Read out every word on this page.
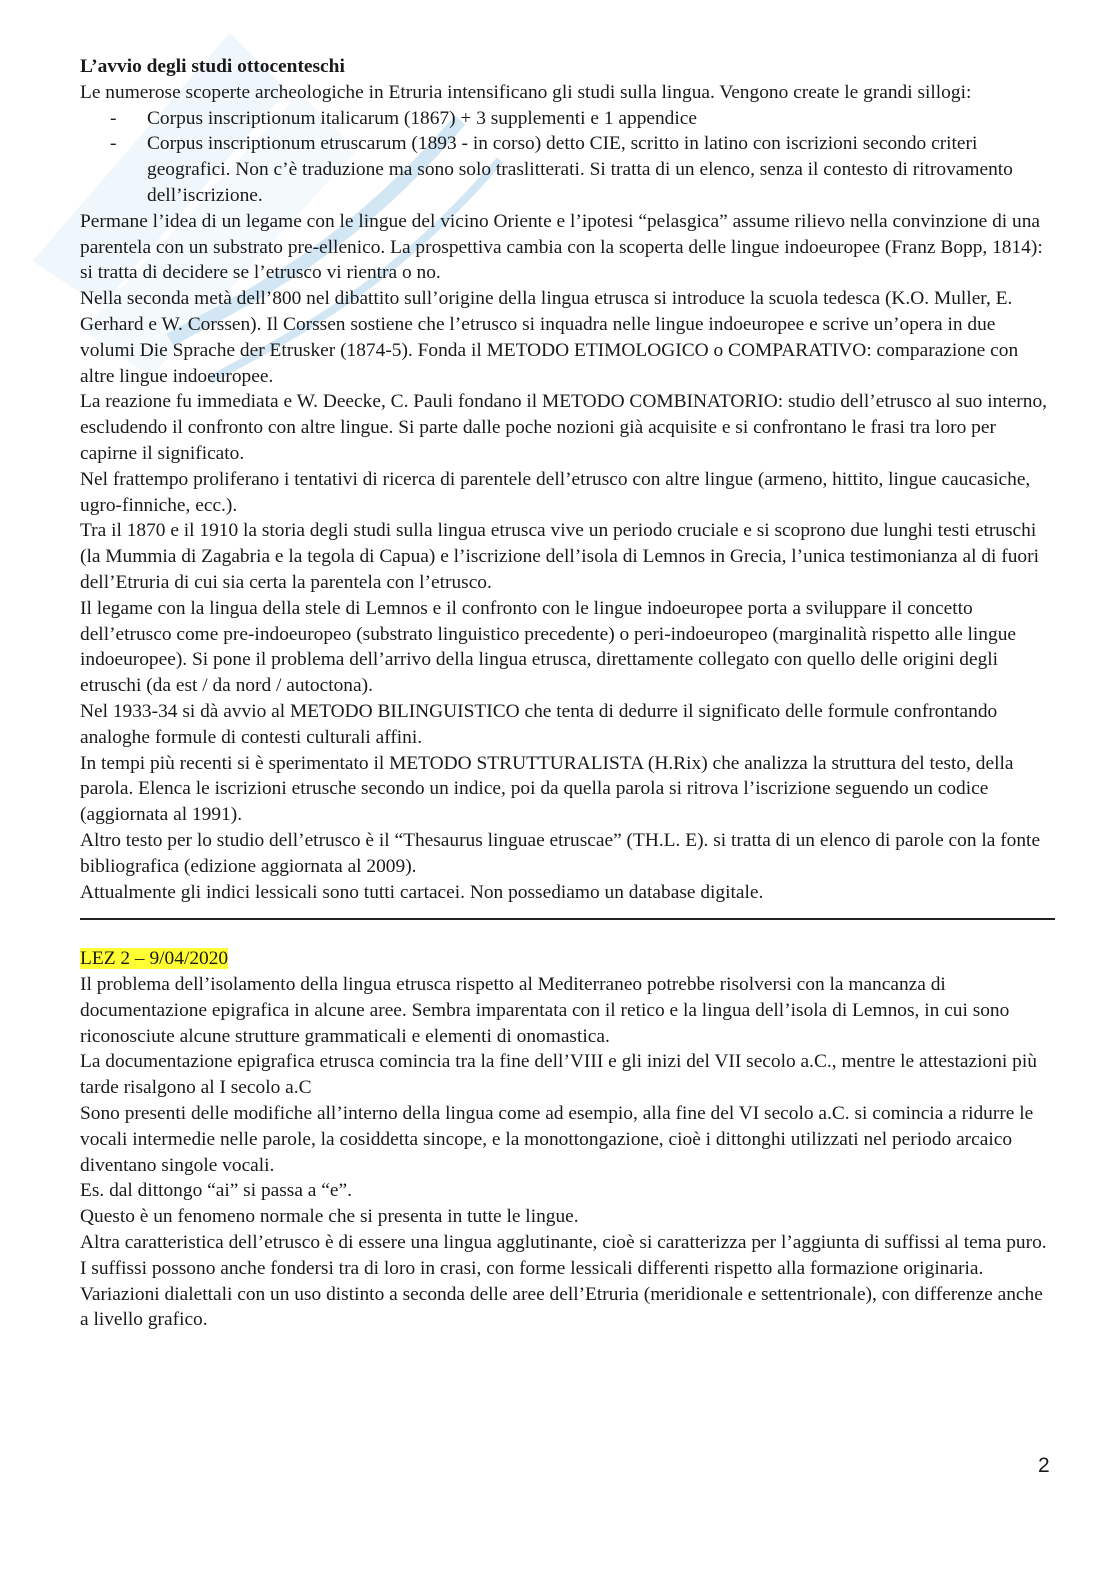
L’avvio degli studi ottocenteschi

Le numerose scoperte archeologiche in Etruria intensificano gli studi sulla lingua. Vengono create le grandi sillogi:

- Corpus inscriptionum italicarum (1867) + 3 supplementi e 1 appendice
- Corpus inscriptionum etruscarum (1893 - in corso) detto CIE, scritto in latino con iscrizioni secondo criteri geografici. Non c’è traduzione ma sono solo traslitterati. Si tratta di un elenco, senza il contesto di ritrovamento dell’iscrizione.

Permane l’idea di un legame con le lingue del vicino Oriente e l’ipotesi “pelasgica” assume rilievo nella convinzione di una parentela con un substrato pre-ellenico. La prospettiva cambia con la scoperta delle lingue indoeuropee (Franz Bopp, 1814): si tratta di decidere se l’etrusco vi rientra o no.

Nella seconda metà dell’800 nel dibattito sull’origine della lingua etrusca si introduce la scuola tedesca (K.O. Muller, E. Gerhard e W. Corssen). Il Corssen sostiene che l’etrusco si inquadra nelle lingue indoeuropee e scrive un’opera in due volumi Die Sprache der Etrusker (1874-5). Fonda il METODO ETIMOLOGICO o COMPARATIVO: comparazione con altre lingue indoeuropee.

La reazione fu immediata e W. Deecke, C. Pauli fondano il METODO COMBINATORIO: studio dell’etrusco al suo interno, escludendo il confronto con altre lingue. Si parte dalle poche nozioni già acquisite e si confrontano le frasi tra loro per capirne il significato.

Nel frattempo proliferano i tentativi di ricerca di parentele dell’etrusco con altre lingue (armeno, hittito, lingue caucasiche, ugro-finniche, ecc.).

Tra il 1870 e il 1910 la storia degli studi sulla lingua etrusca vive un periodo cruciale e si scoprono due lunghi testi etruschi (la Mummia di Zagabria e la tegola di Capua) e l’iscrizione dell’isola di Lemnos in Grecia, l’unica testimonianza al di fuori dell’Etruria di cui sia certa la parentela con l’etrusco.

Il legame con la lingua della stele di Lemnos e il confronto con le lingue indoeuropee porta a sviluppare il concetto dell’etrusco come pre-indoeuropeo (substrato linguistico precedente) o peri-indoeuropeo (marginalità rispetto alle lingue indoeuropee). Si pone il problema dell’arrivo della lingua etrusca, direttamente collegato con quello delle origini degli etruschi (da est / da nord / autoctona).

Nel 1933-34 si dà avvio al METODO BILINGUISTICO che tenta di dedurre il significato delle formule confrontando analoghe formule di contesti culturali affini.

In tempi più recenti si è sperimentato il METODO STRUTTURALISTA (H.Rix) che analizza la struttura del testo, della parola. Elenca le iscrizioni etrusche secondo un indice, poi da quella parola si ritrova l’iscrizione seguendo un codice (aggiornata al 1991).

Altro testo per lo studio dell’etrusco è il “Thesaurus linguae etruscae” (TH.L. E). si tratta di un elenco di parole con la fonte bibliografica (edizione aggiornata al 2009).

Attualmente gli indici lessicali sono tutti cartacei. Non possediamo un database digitale.

LEZ 2 – 9/04/2020

Il problema dell’isolamento della lingua etrusca rispetto al Mediterraneo potrebbe risolversi con la mancanza di documentazione epigrafica in alcune aree. Sembra imparentata con il retico e la lingua dell’isola di Lemnos, in cui sono riconosciute alcune strutture grammaticali e elementi di onomastica.

La documentazione epigrafica etrusca comincia tra la fine dell’VIII e gli inizi del VII secolo a.C., mentre le attestazioni più tarde risalgono al I secolo a.C

Sono presenti delle modifiche all’interno della lingua come ad esempio, alla fine del VI secolo a.C. si comincia a ridurre le vocali intermedie nelle parole, la cosiddetta sincope, e la monottongazione, cioè i dittonghi utilizzati nel periodo arcaico diventano singole vocali.

Es. dal dittongo “ai” si passa a “e”.

Questo è un fenomeno normale che si presenta in tutte le lingue.

Altra caratteristica dell’etrusco è di essere una lingua agglutinante, cioè si caratterizza per l’aggiunta di suffissi al tema puro. I suffissi possono anche fondersi tra di loro in crasi, con forme lessicali differenti rispetto alla formazione originaria.

Variazioni dialettali con un uso distinto a seconda delle aree dell’Etruria (meridionale e settentrionale), con differenze anche a livello grafico.

2
